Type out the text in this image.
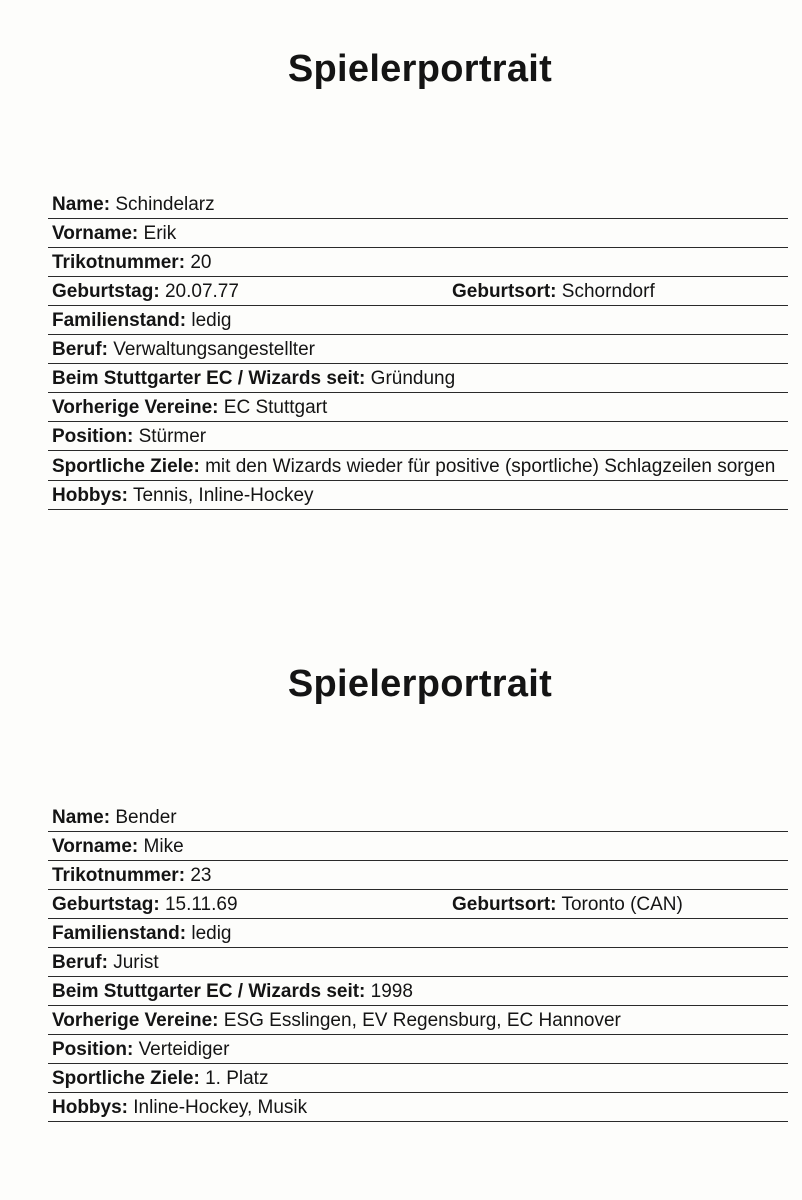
Spielerportrait
Name: Schindelarz
Vorname: Erik
Trikotnummer: 20
Geburtstag: 20.07.77	Geburtsort: Schorndorf
Familienstand: ledig
Beruf: Verwaltungsangestellter
Beim Stuttgarter EC / Wizards seit: Gründung
Vorherige Vereine: EC Stuttgart
Position: Stürmer
Sportliche Ziele: mit den Wizards wieder für positive (sportliche) Schlagzeilen sorgen
Hobbys: Tennis, Inline-Hockey
Spielerportrait
Name: Bender
Vorname: Mike
Trikotnummer: 23
Geburtstag: 15.11.69	Geburtsort: Toronto (CAN)
Familienstand: ledig
Beruf: Jurist
Beim Stuttgarter EC / Wizards seit: 1998
Vorherige Vereine: ESG Esslingen, EV Regensburg, EC Hannover
Position: Verteidiger
Sportliche Ziele: 1. Platz
Hobbys: Inline-Hockey, Musik
